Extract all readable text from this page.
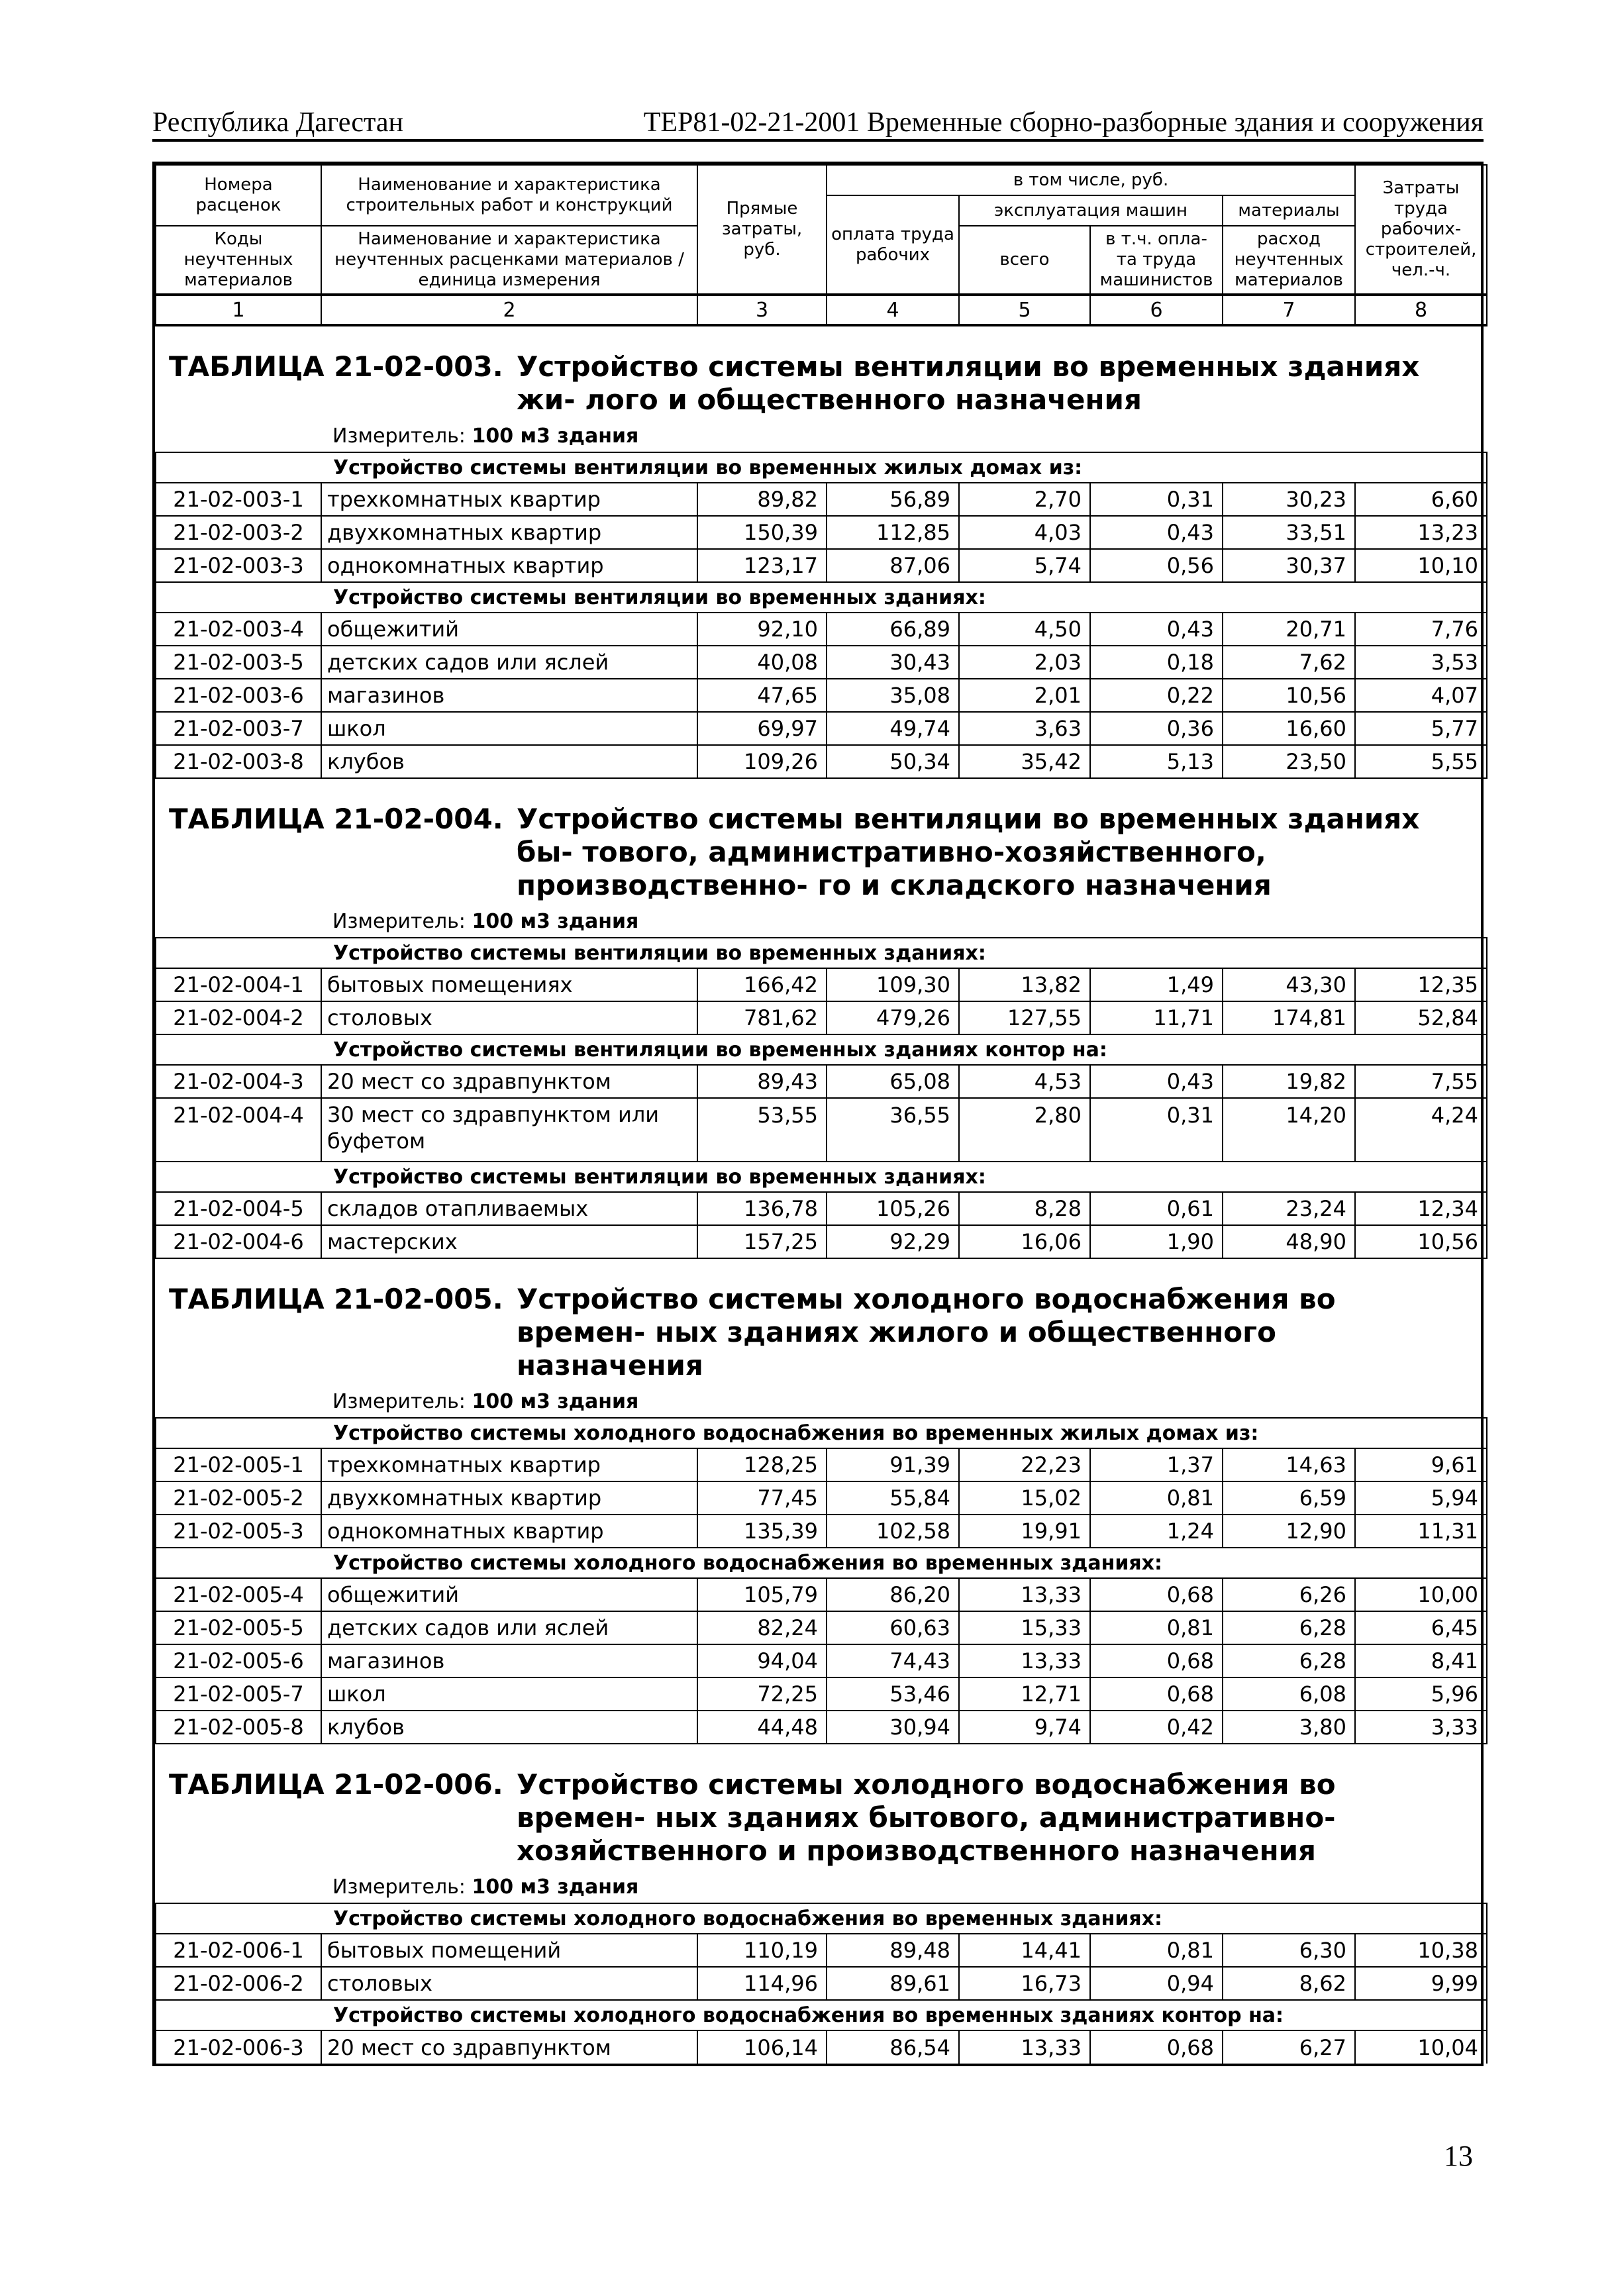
Республика Дагестан	ТЕР81-02-21-2001 Временные сборно-разборные здания и сооружения
Номера расценок	Наименование и характеристика строительных работ и конструкций	Прямые затраты, руб.	в том числе, руб.				Затраты труда рабочих- строителей, чел.-ч.
			оплата труда рабочих	эксплуатация машин		материалы	
Коды неучтенных материалов	Наименование и характеристика неучтенных расценками материалов / единица измерения			всего	в т.ч. опла- та труда машинистов	расход неучтенных материалов	

1	2	3	4	5	6	7	8
ТАБЛИЦА 21-02-003. Устройство системы вентиляции во временных зданиях жи- лого и общественного назначения							
Измеритель: 100 м3 здания							
Устройство системы вентиляции во временных жилых домах из:							
21-02-003-1	трехкомнатных квартир	89,82	56,89	2,70	0,31	30,23	6,60
21-02-003-2	двухкомнатных квартир	150,39	112,85	4,03	0,43	33,51	13,23
21-02-003-3	однокомнатных квартир	123,17	87,06	5,74	0,56	30,37	10,10
Устройство системы вентиляции во временных зданиях:							
21-02-003-4	общежитий	92,10	66,89	4,50	0,43	20,71	7,76
21-02-003-5	детских садов или яслей	40,08	30,43	2,03	0,18	7,62	3,53
21-02-003-6	магазинов	47,65	35,08	2,01	0,22	10,56	4,07
21-02-003-7	школ	69,97	49,74	3,63	0,36	16,60	5,77
21-02-003-8	клубов	109,26	50,34	35,42	5,13	23,50	5,55
ТАБЛИЦА 21-02-004. Устройство системы вентиляции во временных зданиях бы- тового, административно-хозяйственного, производственно- го и складского назначения							
Измеритель: 100 м3 здания							
Устройство системы вентиляции во временных зданиях:							
21-02-004-1	бытовых помещениях	166,42	109,30	13,82	1,49	43,30	12,35
21-02-004-2	столовых	781,62	479,26	127,55	11,71	174,81	52,84
Устройство системы вентиляции во временных зданиях контор на:							
21-02-004-3	20 мест со здравпунктом	89,43	65,08	4,53	0,43	19,82	7,55
21-02-004-4	30 мест со здравпунктом или буфетом	53,55	36,55	2,80	0,31	14,20	4,24
Устройство системы вентиляции во временных зданиях:							
21-02-004-5	складов отапливаемых	136,78	105,26	8,28	0,61	23,24	12,34
21-02-004-6	мастерских	157,25	92,29	16,06	1,90	48,90	10,56
ТАБЛИЦА 21-02-005. Устройство системы холодного водоснабжения во времен- ных зданиях жилого и общественного назначения							
Измеритель: 100 м3 здания							
Устройство системы холодного водоснабжения во временных жилых домах из:							
21-02-005-1	трехкомнатных квартир	128,25	91,39	22,23	1,37	14,63	9,61
21-02-005-2	двухкомнатных квартир	77,45	55,84	15,02	0,81	6,59	5,94
21-02-005-3	однокомнатных квартир	135,39	102,58	19,91	1,24	12,90	11,31
Устройство системы холодного водоснабжения во временных зданиях:							
21-02-005-4	общежитий	105,79	86,20	13,33	0,68	6,26	10,00
21-02-005-5	детских садов или яслей	82,24	60,63	15,33	0,81	6,28	6,45
21-02-005-6	магазинов	94,04	74,43	13,33	0,68	6,28	8,41
21-02-005-7	школ	72,25	53,46	12,71	0,68	6,08	5,96
21-02-005-8	клубов	44,48	30,94	9,74	0,42	3,80	3,33
ТАБЛИЦА 21-02-006. Устройство системы холодного водоснабжения во времен- ных зданиях бытового, административно-хозяйственного и производственного назначения							
Измеритель: 100 м3 здания							
Устройство системы холодного водоснабжения во временных зданиях:							
21-02-006-1	бытовых помещений	110,19	89,48	14,41	0,81	6,30	10,38
21-02-006-2	столовых	114,96	89,61	16,73	0,94	8,62	9,99
Устройство системы холодного водоснабжения во временных зданиях контор на:							
21-02-006-3	20 мест со здравпунктом	106,14	86,54	13,33	0,68	6,27	10,04
13
